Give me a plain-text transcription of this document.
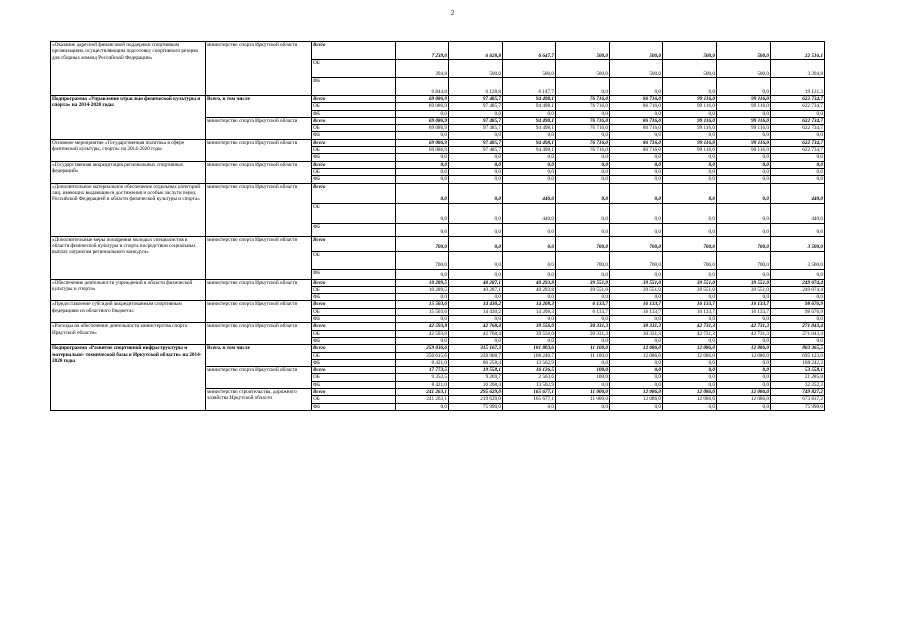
2
«Оказание адресной финансовой поддержки спортивным организациям, осуществляющим подготовку спортивного резерва для сборных команд Российской Федерации»	министерство спорта Иркутской области	Всего	7 239,0	6 628,8	6 647,7	500,0	500,0	500,0	500,0	22 516,1
		ОБ	394,8	500,0	500,0	500,0	500,0	500,0	500,0	3 394,8
		ФБ	6 844,8	6 128,8	6 147,7	0,0	0,0	0,0	0,0	19 121,3
Подпрограмма «Управление отраслью физической культуры и спорта» на 2014-2020 годы	Всего, в том числе	Всего	69 086,9	97 485,7	94 498,1	76 716,0	86 716,0	99 116,0	99 116,0	622 734,7
		ОБ	69 086,9	97 485,7	94 498,1	76 716,0	86 716,0	99 116,0	99 116,0	622 734,7
		ФБ	0,0	0,0	0,0	0,0	0,0	0,0	0,0	0,0
	министерство спорта Иркутской области	Всего	69 086,9	97 485,7	94 498,1	76 716,0	86 716,0	99 116,0	99 116,0	622 734,7
		ОБ	69 086,9	97 485,7	94 498,1	76 716,0	86 716,0	99 116,0	99 116,0	622 734,7
		ФБ	0,0	0,0	0,0	0,0	0,0	0,0	0,0	0,0
Основное мероприятие «Государственная политика в сфере физической культуры, спорта» на 2014-2020 годы	министерство спорта Иркутской области	Всего	69 086,9	97 485,7	94 498,1	76 716,0	86 716,0	99 116,0	99 116,0	622 734,7
		ОБ	69 086,9	97 485,7	94 498,1	76 716,0	86 716,0	99 116,0	99 116,0	622 734,7
		ФБ	0,0	0,0	0,0	0,0	0,0	0,0	0,0	0,0
«Государственная аккредитация региональных спортивных федераций»	министерство спорта Иркутской области	Всего	0,0	0,0	0,0	0,0	0,0	0,0	0,0	0,0
		ОБ	0,0	0,0	0,0	0,0	0,0	0,0	0,0	0,0
		ФБ	0,0	0,0	0,0	0,0	0,0	0,0	0,0	0,0
«Дополнительное материальное обеспечение отдельных категорий лиц, имеющих выдающиеся достижения и особые заслуги перед Российской Федерацией в области физической культуры и спорта»	министерство спорта Иркутской области	Всего	0,0	0,0	440,0	0,0	0,0	0,0	0,0	440,0
		ОБ	0,0	0,0	440,0	0,0	0,0	0,0	0,0	440,0
		ФБ	0,0	0,0	0,0	0,0	0,0	0,0	0,0	0,0
«Дополнительные меры поощрения молодых специалистов в области физической культуры и спорта посредством социальных выплат лауреатам регионального конкурса»	министерство спорта Иркутской области	Всего	700,0	0,0	0,0	700,0	700,0	700,0	700,0	3 500,0
		ОБ	700,0	0,0	0,0	700,0	700,0	700,0	700,0	3 500,0
		ФБ	0,0	0,0	0,0	0,0	0,0	0,0	0,0	0,0
«Обеспечение деятельности учреждений в области физической культуры и спорта»	министерство спорта Иркутской области	Всего	10 289,5	40 287,1	40 293,8	39 551,0	39 551,0	39 551,0	39 551,0	249 074,4
		ОБ	10 289,5	40 287,1	40 293,8	39 551,0	39 551,0	39 551,0	39 551,0	249 074,4
		ФБ	0,0	0,0	0,0	0,0	0,0	0,0	0,0	0,0
«Предоставление субсидий аккредитованным спортивным федерациям из областного бюджета»	министерство спорта Иркутской области	Всего	15 503,6	14 430,2	14 208,3	6 133,7	16 133,7	16 133,7	16 133,7	98 676,9
		ОБ	15 503,6	14 430,2	14 208,3	6 133,7	16 133,7	16 133,7	16 133,7	98 676,9
		ФБ	0,0	0,0	0,0	0,0	0,0	0,0	0,0	0,0
«Расходы на обеспечение деятельности министерства спорта Иркутской области»	министерство спорта Иркутской области	Всего	42 593,8	42 768,4	39 556,0	30 331,3	30 331,3	42 731,3	42 731,3	271 043,4
		ОБ	42 593,8	42 768,4	39 556,0	30 331,3	30 331,3	42 731,3	42 731,3	271 043,4
		ФБ	0,0	0,0	0,0	0,0	0,0	0,0	0,0	0,0
Подпрограмма «Развитие спортивной инфраструктуры и материально- технической базы в Иркутской области» на 2014-2020 годы	Всего, в том числе	Всего	259 036,6	315 167,3	181 803,6	11 100,0	12 086,0	12 086,0	12 086,0	803 365,5
		ОБ	250 615,6	228 908,7	168 240,7	11 100,0	12 086,0	12 086,0	12 086,0	695 123,0
		ФБ	8 421,0	86 258,4	13 562,9	0,0	0,0	0,0	0,0	108 242,3
	министерство спорта Иркутской области	Всего	17 773,5	19 558,1	16 126,5	100,0	0,0	0,0	0,0	53 558,1
		ОБ	9 352,5	9 269,7	2 563,6	100,0	0,0	0,0	0,0	21 285,8
		ФБ	8 421,0	10 268,4	13 562,9	0,0	0,0	0,0	0,0	32 252,3
	министерство строительства, дорожного хозяйства Иркутской области	Всего	241 263,1	295 629,0	165 677,1	11 000,0	12 086,0	12 086,0	12 086,0	749 827,2
		ОБ	241 263,1	219 639,0	165 677,1	11 000,0	12 086,0	12 086,0	12 086,0	673 837,2
		ФБ	0,0	75 990,0	0,0	0,0	0,0	0,0	0,0	75 990,0
